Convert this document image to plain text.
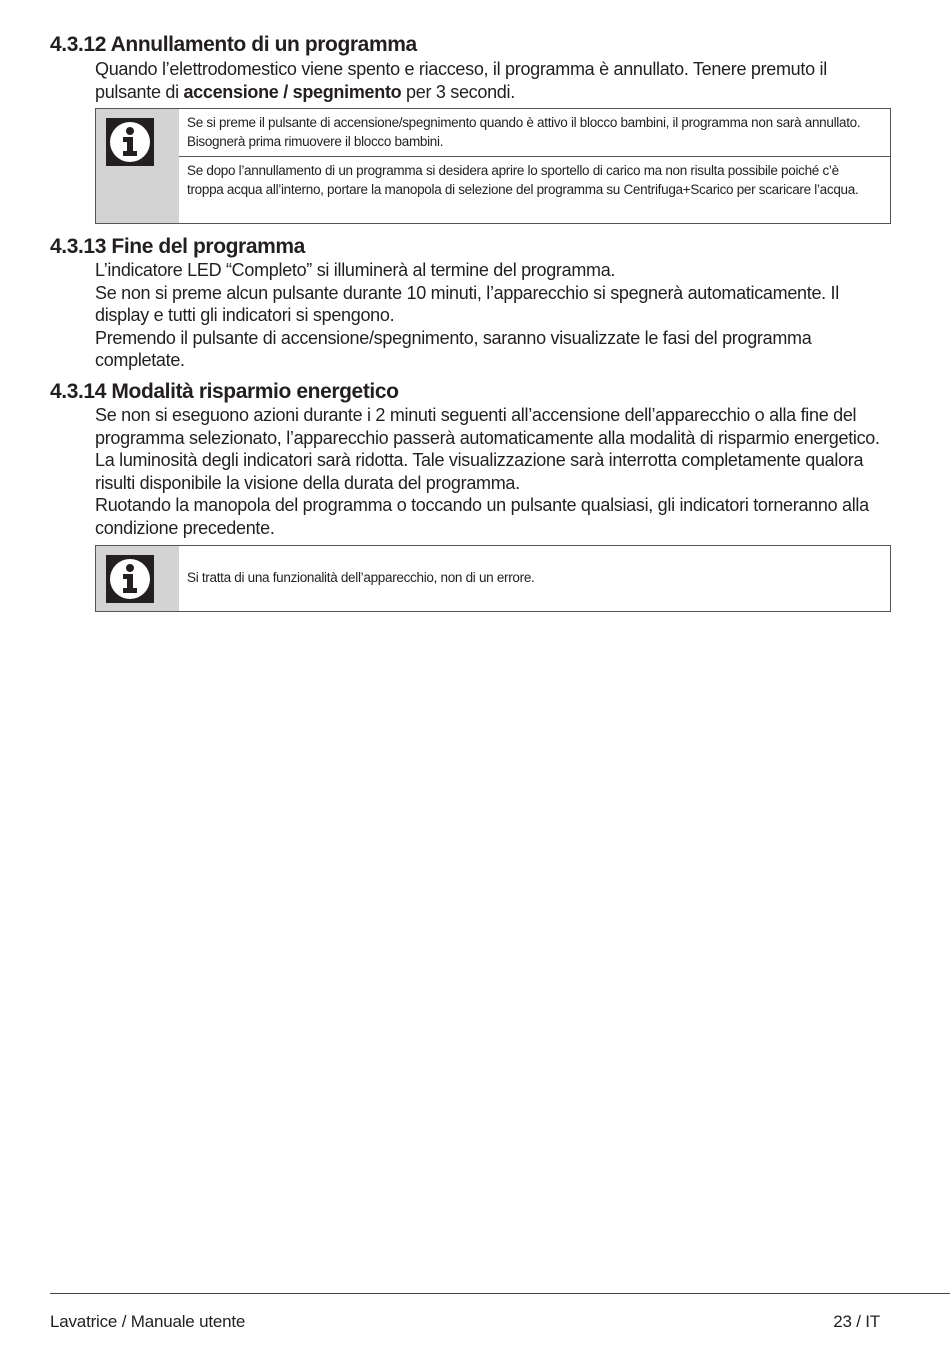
4.3.12 Annullamento di un programma

Quando l’elettrodomestico viene spento e riacceso, il programma è annullato. Tenere premuto il pulsante di accensione / spegnimento per 3 secondi.

Se si preme il pulsante di accensione/spegnimento quando è attivo il blocco bambini, il programma non sarà annullato. Bisognerà prima rimuovere il blocco bambini.
Se dopo l’annullamento di un programma si desidera aprire lo sportello di carico ma non risulta possibile poiché c’è troppa acqua all’interno, portare la manopola di selezione del programma su Centrifuga+Scarico per scaricare l’acqua.
4.3.13 Fine del programma

L’indicatore LED “Completo” si illuminerà al termine del programma.

Se non si preme alcun pulsante durante 10 minuti, l’apparecchio si spegnerà automaticamente. Il display e tutti gli indicatori si spengono.

Premendo il pulsante di accensione/spegnimento, saranno visualizzate le fasi del programma completate.

4.3.14 Modalità risparmio energetico

Se non si eseguono azioni durante i 2 minuti seguenti all’accensione dell’apparecchio o alla fine del programma selezionato, l’apparecchio passerà automaticamente alla modalità di risparmio energetico. La luminosità degli indicatori sarà ridotta. Tale visualizzazione sarà interrotta completamente qualora risulti disponibile la visione della durata del programma.

Ruotando la manopola del programma o toccando un pulsante qualsiasi, gli indicatori torneranno alla condizione precedente.

Si tratta di una funzionalità dell’apparecchio, non di un errore.
Lavatrice / Manuale utente	23 / IT
